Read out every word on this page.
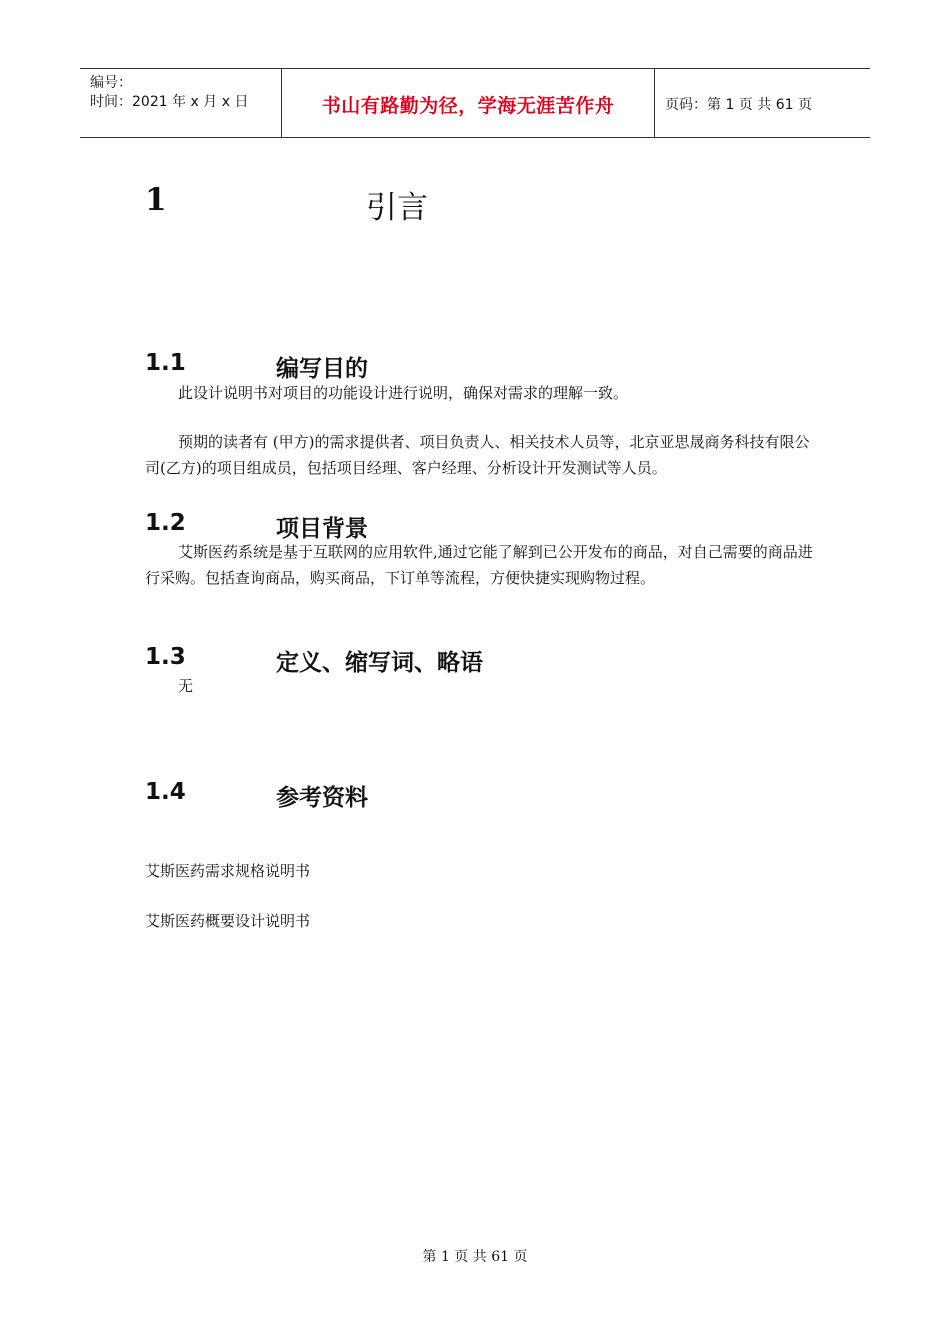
编号：
时间：2021 年 x 月 x 日	书山有路勤为径，学海无涯苦作舟	页码：第 1 页 共 61 页
1	引言
1.1	编写目的
此设计说明书对项目的功能设计进行说明，确保对需求的理解一致。
预期的读者有 (甲方)的需求提供者、项目负责人、相关技术人员等，北京亚思晟商务科技有限公司(乙方)的项目组成员，包括项目经理、客户经理、分析设计开发测试等人员。
1.2	项目背景
艾斯医药系统是基于互联网的应用软件,通过它能了解到已公开发布的商品，对自己需要的商品进行采购。包括查询商品，购买商品，下订单等流程，方便快捷实现购物过程。
1.3	定义、缩写词、略语
无
1.4	参考资料
艾斯医药需求规格说明书
艾斯医药概要设计说明书
第 1 页 共 61 页
